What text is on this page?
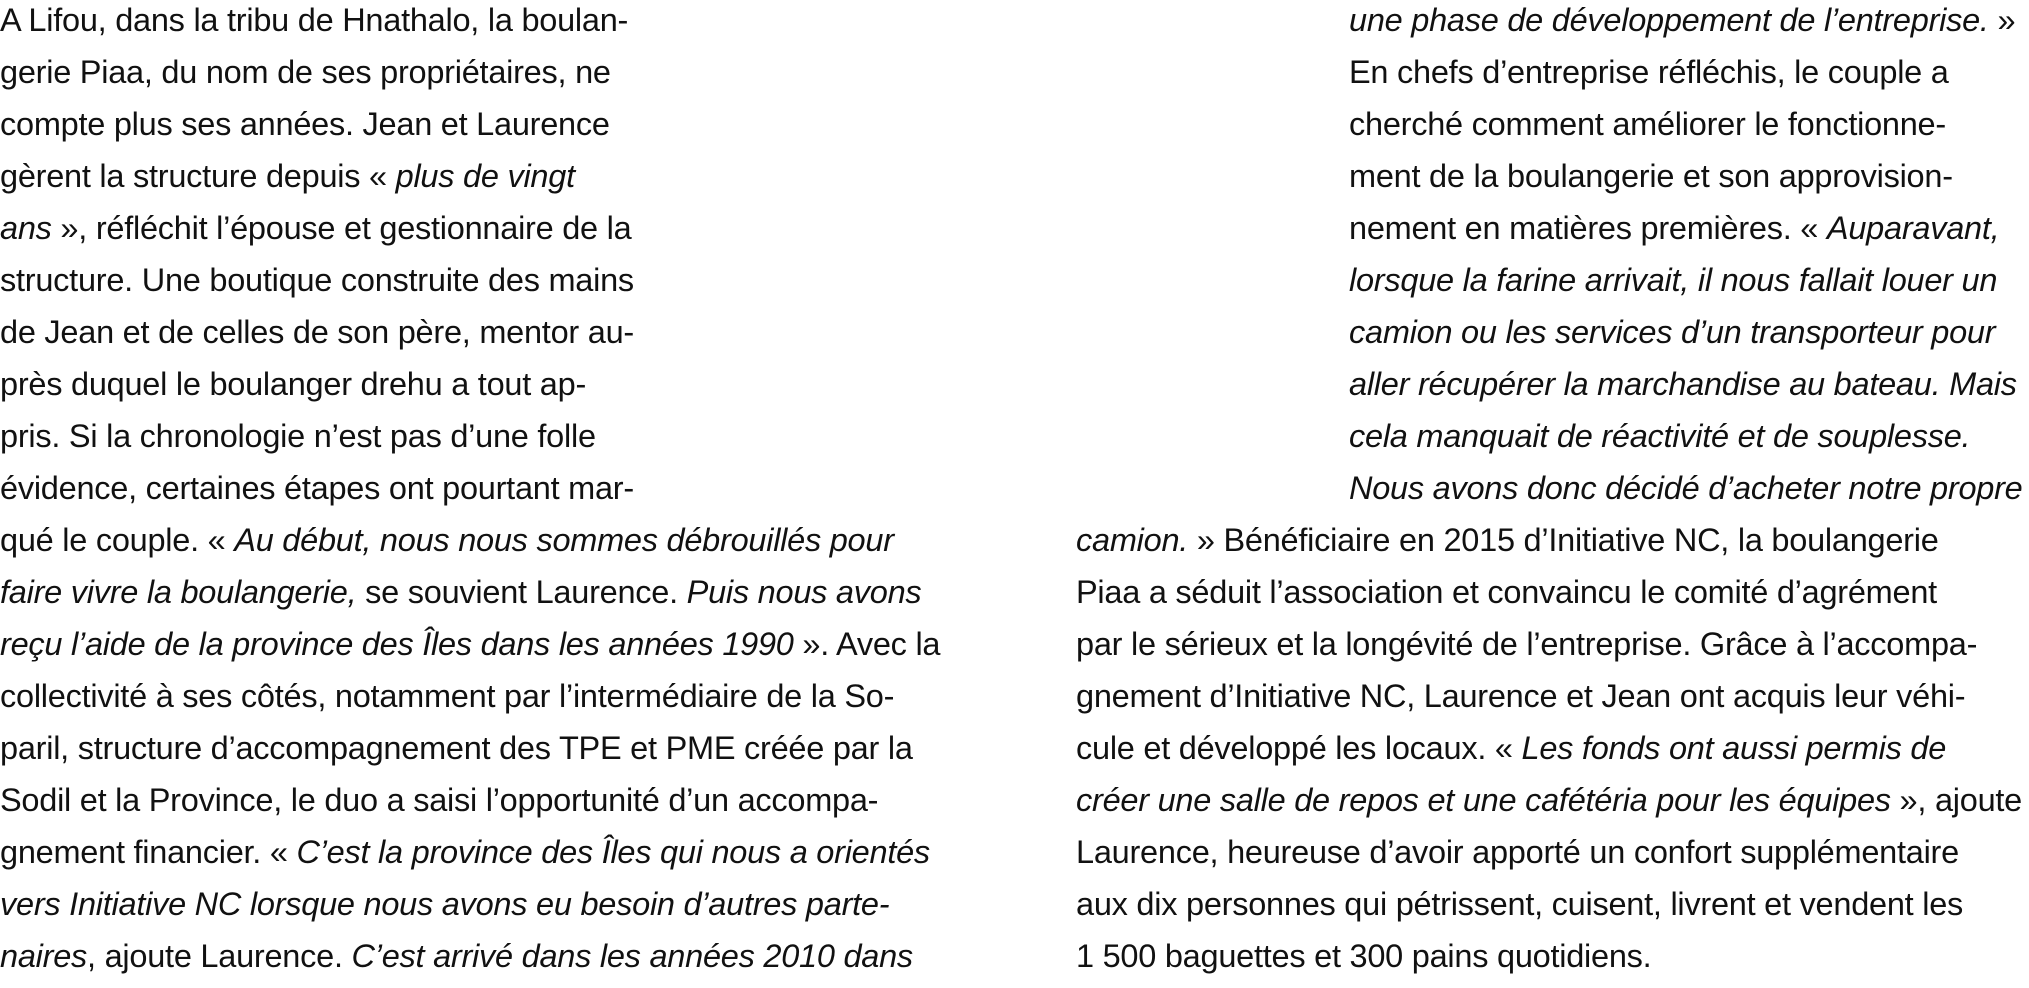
A Lifou, dans la tribu de Hnathalo, la boulan-
gerie Piaa, du nom de ses propriétaires, ne
compte plus ses années. Jean et Laurence
gèrent la structure depuis « plus de vingt
ans », réfléchit l’épouse et gestionnaire de la
structure. Une boutique construite des mains
de Jean et de celles de son père, mentor au-
près duquel le boulanger drehu a tout ap-
pris. Si la chronologie n’est pas d’une folle
évidence, certaines étapes ont pourtant mar-
qué le couple. « Au début, nous nous sommes débrouillés pour
faire vivre la boulangerie, se souvient Laurence. Puis nous avons
reçu l’aide de la province des Îles dans les années 1990 ». Avec la
collectivité à ses côtés, notamment par l’intermédiaire de la So-
paril, structure d’accompagnement des TPE et PME créée par la
Sodil et la Province, le duo a saisi l’opportunité d’un accompa-
gnement financier. « C’est la province des Îles qui nous a orientés
vers Initiative NC lorsque nous avons eu besoin d’autres parte-
naires, ajoute Laurence. C’est arrivé dans les années 2010 dans
une phase de développement de l’entreprise. »
En chefs d’entreprise réfléchis, le couple a
cherché comment améliorer le fonctionne-
ment de la boulangerie et son approvision-
nement en matières premières. « Auparavant,
lorsque la farine arrivait, il nous fallait louer un
camion ou les services d’un transporteur pour
aller récupérer la marchandise au bateau. Mais
cela manquait de réactivité et de souplesse.
Nous avons donc décidé d’acheter notre propre
camion. » Bénéficiaire en 2015 d’Initiative NC, la boulangerie
Piaa a séduit l’association et convaincu le comité d’agrément
par le sérieux et la longévité de l’entreprise. Grâce à l’accompa-
gnement d’Initiative NC, Laurence et Jean ont acquis leur véhi-
cule et développé les locaux. « Les fonds ont aussi permis de
créer une salle de repos et une cafétéria pour les équipes », ajoute
Laurence, heureuse d’avoir apporté un confort supplémentaire
aux dix personnes qui pétrissent, cuisent, livrent et vendent les
1 500 baguettes et 300 pains quotidiens.
